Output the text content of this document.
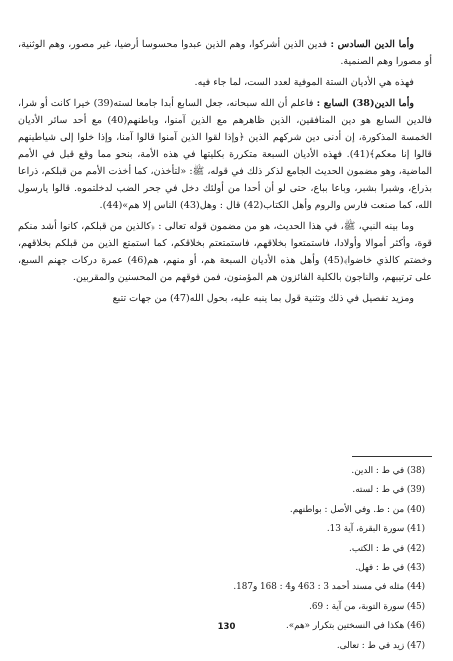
وأما الدين السادس : فدين الذين أشركوا، وهم الذين عبدوا محسوسا أرضيا، غير مصور، وهم الوثنية، أو مصورا وهم الصنمية.

فهذه هي الأديان الستة الموفية لعدد الست، لما جاء فيه.

وأما الدين(38) السابع : فاعلم أن الله سبحانه، جعل السابع أبدا جامعا لسته(39) خيرا كانت أو شرا، فالدين السابع هو دين المنافقين، الذين ظاهرهم مع الذين آمنوا، وباطنهم(40) مع أحد سائر الأديان الخمسة المذكورة، إن أدنى دين شركهم الذين ﴿وإذا لقوا الذين آمنوا قالوا آمنا، وإذا خلوا إلى شياطينهم قالوا إنا معكم﴾(41). فهذه الأديان السبعة متكررة بكليتها في هذه الأمة، بنحو مما وقع قبل في الأمم الماضية، وهو مضمون الحديث الجامع لذكر ذلك في قوله، ﷺ: «لتأخذن، كما أخذت الأمم من قبلكم، ذراعا بذراع، وشبرا بشبر، وباعا بباع، حتى لو أن أحدا من أولئك دخل في جحر الضب لدخلتموه. قالوا يارسول الله، كما صنعت فارس والروم وأهل الكتاب(42) قال : وهل(43) الناس إلا هم»(44).

وما بينه النبي، ﷺ، في هذا الحديث، هو من مضمون قوله تعالى : ﴿كالذين من قبلكم، كانوا أشد منكم قوة، وأكثر أموالا وأولادا، فاستمتعوا بخلاقهم، فاستمتعتم بخلاقكم، كما استمتع الذين من قبلكم بخلاقهم، وخضتم كالذي خاضوا﴾(45) وأهل هذه الأديان السبعة هم، أو منهم، هم(46) عمرة دركات جهنم السبع، على ترتيبهم، والناجون بالكلية الفائزون هم المؤمنون، فمن فوقهم من المحسنين والمقربين.

ومزيد تفصيل في ذلك وتثنية قول بما ينبه عليه، بحول الله(47) من جهات تتبع

(38) في ط : الدين.
(39) في ط : لسته.
(40) من : ط. وفي الأصل : بواطنهم.
(41) سورة البقرة، آية 13.
(42) في ط : الكتب.
(43) في ط : فهل.
(44) مثله في مسند أحمد 3 : 463 و4 : 168 و187.
(45) سورة التوبة، من آية : 69.
(46) هكذا في النسختين بتكرار «هم».
(47) زيد في ط : تعالى.
130
